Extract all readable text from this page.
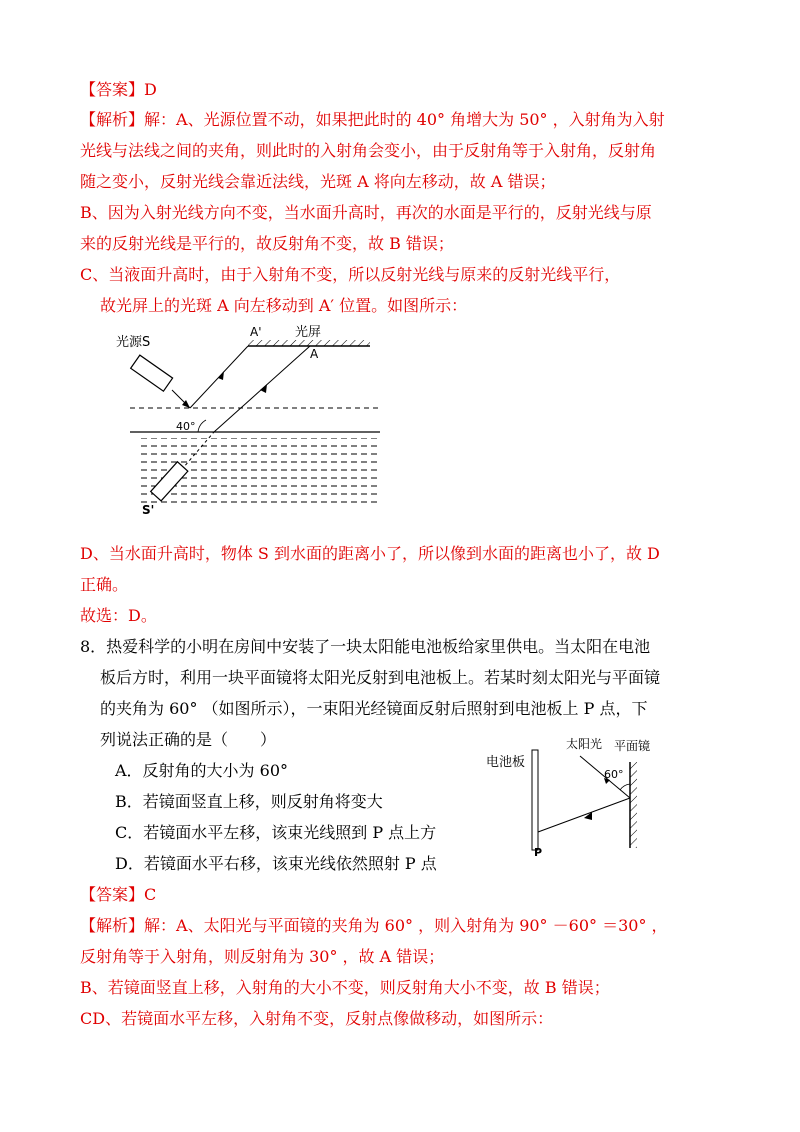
【答案】D
【解析】解：A、光源位置不动，如果把此时的 40° 角增大为 50° ，入射角为入射
光线与法线之间的夹角，则此时的入射角会变小，由于反射角等于入射角，反射角
随之变小，反射光线会靠近法线，光斑 A 将向左移动，故 A 错误；
B、因为入射光线方向不变，当水面升高时，再次的水面是平行的，反射光线与原
来的反射光线是平行的，故反射角不变，故 B 错误；
C、当液面升高时，由于入射角不变，所以反射光线与原来的反射光线平行，
故光屏上的光斑 A 向左移动到 A′ 位置。如图所示：
光屏
A'
A
光源S
S'
40°
D、当水面升高时，物体 S 到水面的距离小了，所以像到水面的距离也小了，故 D
正确。
故选：D。
8．热爱科学的小明在房间中安装了一块太阳能电池板给家里供电。当太阳在电池
板后方时，利用一块平面镜将太阳光反射到电池板上。若某时刻太阳光与平面镜
的夹角为 60° （如图所示），一束阳光经镜面反射后照射到电池板上 P 点，下
列说法正确的是（　　）
A．反射角的大小为 60°
B．若镜面竖直上移，则反射角将变大
C．若镜面水平左移，该束光线照到 P 点上方
D．若镜面水平右移，该束光线依然照射 P 点
电池板
P
平面镜
太阳光
60°
【答案】C
【解析】解：A、太阳光与平面镜的夹角为 60° ，则入射角为 90° －60° ＝30° ，
反射角等于入射角，则反射角为 30° ，故 A 错误；
B、若镜面竖直上移，入射角的大小不变，则反射角大小不变，故 B 错误；
CD、若镜面水平左移，入射角不变，反射点像做移动，如图所示：
